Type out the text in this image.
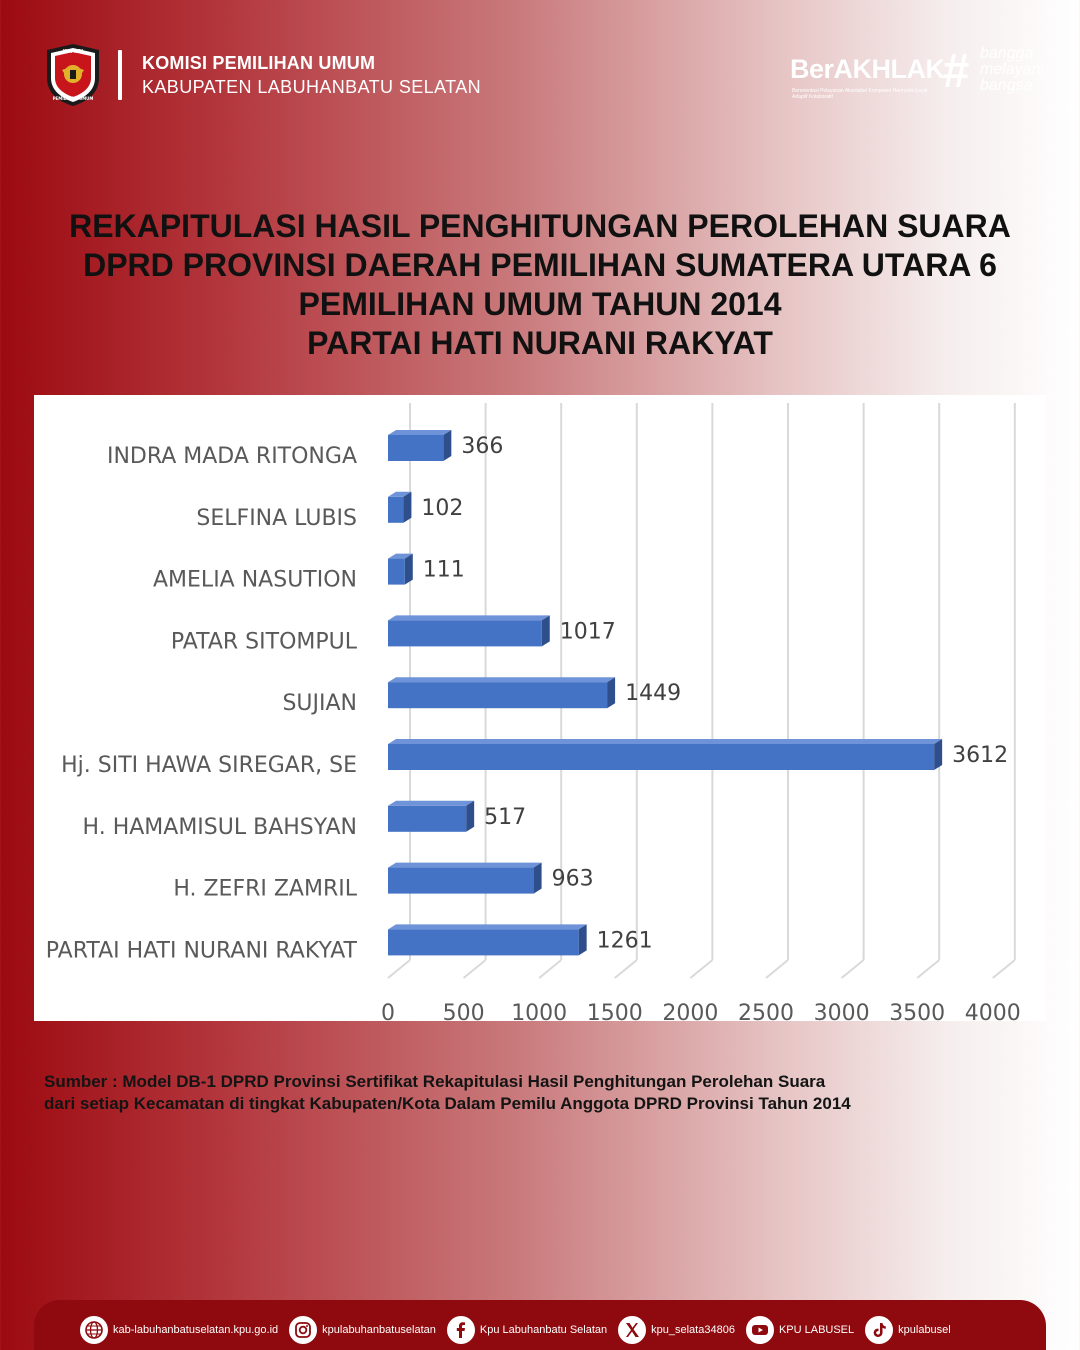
KOMISI
PEMILIHAN UMUM
KOMISI PEMILIHAN UMUM
KABUPATEN LABUHANBATU SELATAN
BerAKHLAK
Berorientasi Pelayanan Akuntabel Kompeten Harmonis Loyal Adaptif Kolaboratif	# bangga
melayani
bangsa
REKAPITULASI HASIL PENGHITUNGAN PEROLEHAN SUARA
DPRD PROVINSI DAERAH PEMILIHAN SUMATERA UTARA 6
PEMILIHAN UMUM TAHUN 2014
PARTAI HATI NURANI RAKYAT
0 500 1000 1500 2000 2500 3000 3500 4000
INDRA MADA RITONGA	366
SELFINA LUBIS	102
AMELIA NASUTION	111
PATAR SITOMPUL	1017
SUJIAN	1449
Hj. SITI HAWA SIREGAR, SE	3612
H. HAMAMISUL BAHSYAN	517
H. ZEFRI ZAMRIL	963
PARTAI HATI NURANI RAKYAT	1261
Sumber : Model DB-1 DPRD Provinsi Sertifikat Rekapitulasi Hasil Penghitungan Perolehan Suara
dari setiap Kecamatan di tingkat Kabupaten/Kota Dalam Pemilu Anggota DPRD Provinsi Tahun 2014
kab-labuhanbatuselatan.kpu.go.id	kpulabuhanbatuselatan	Kpu Labuhanbatu Selatan	kpu_selata34806	KPU LABUSEL	kpulabusel
